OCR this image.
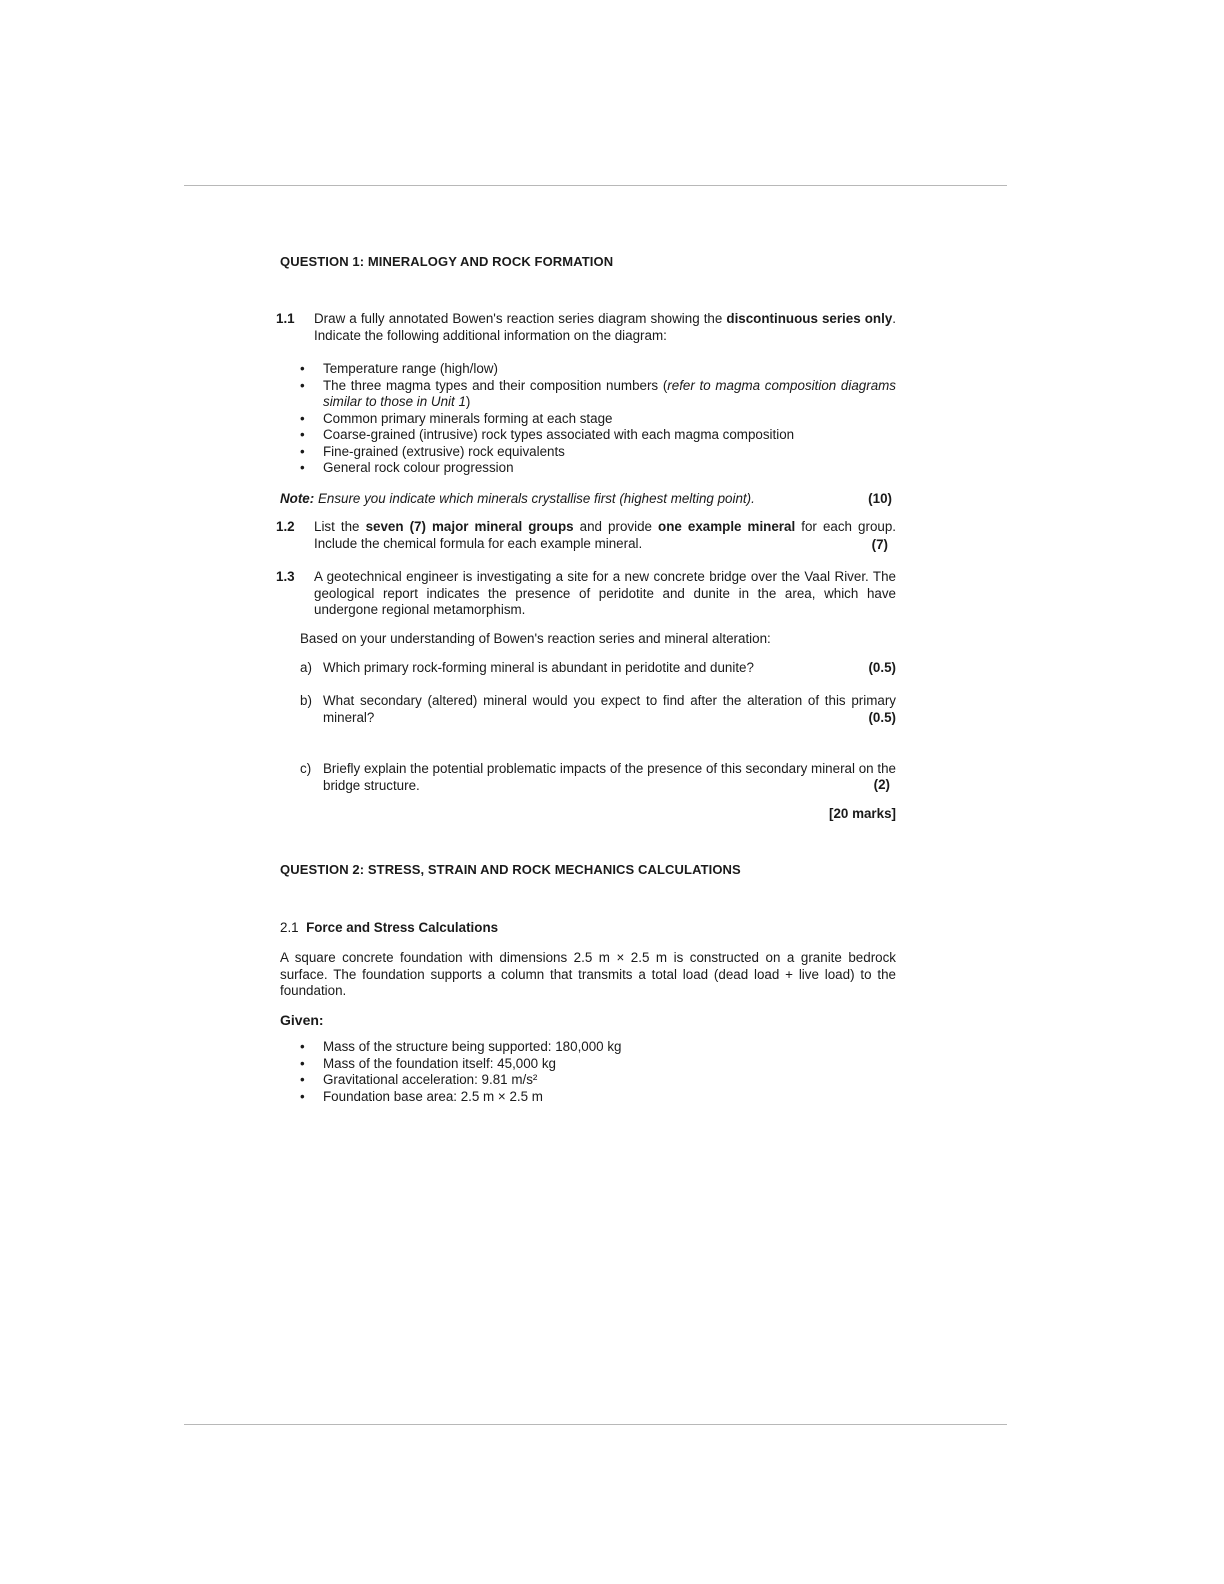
QUESTION 1: MINERALOGY AND ROCK FORMATION
1.1 Draw a fully annotated Bowen's reaction series diagram showing the discontinuous series only. Indicate the following additional information on the diagram:
• Temperature range (high/low)
• The three magma types and their composition numbers (refer to magma composition diagrams similar to those in Unit 1)
• Common primary minerals forming at each stage
• Coarse-grained (intrusive) rock types associated with each magma composition
• Fine-grained (extrusive) rock equivalents
• General rock colour progression
Note: Ensure you indicate which minerals crystallise first (highest melting point).	(10)
1.2 List the seven (7) major mineral groups and provide one example mineral for each group. Include the chemical formula for each example mineral.	(7)
1.3 A geotechnical engineer is investigating a site for a new concrete bridge over the Vaal River. The geological report indicates the presence of peridotite and dunite in the area, which have undergone regional metamorphism.
Based on your understanding of Bowen's reaction series and mineral alteration:
a) Which primary rock-forming mineral is abundant in peridotite and dunite?	(0.5)
b) What secondary (altered) mineral would you expect to find after the alteration of this primary mineral?	(0.5)
c) Briefly explain the potential problematic impacts of the presence of this secondary mineral on the bridge structure.	(2)
[20 marks]
QUESTION 2: STRESS, STRAIN AND ROCK MECHANICS CALCULATIONS
2.1 Force and Stress Calculations
A square concrete foundation with dimensions 2.5 m × 2.5 m is constructed on a granite bedrock surface. The foundation supports a column that transmits a total load (dead load + live load) to the foundation.
Given:
• Mass of the structure being supported: 180,000 kg
• Mass of the foundation itself: 45,000 kg
• Gravitational acceleration: 9.81 m/s²
• Foundation base area: 2.5 m × 2.5 m
